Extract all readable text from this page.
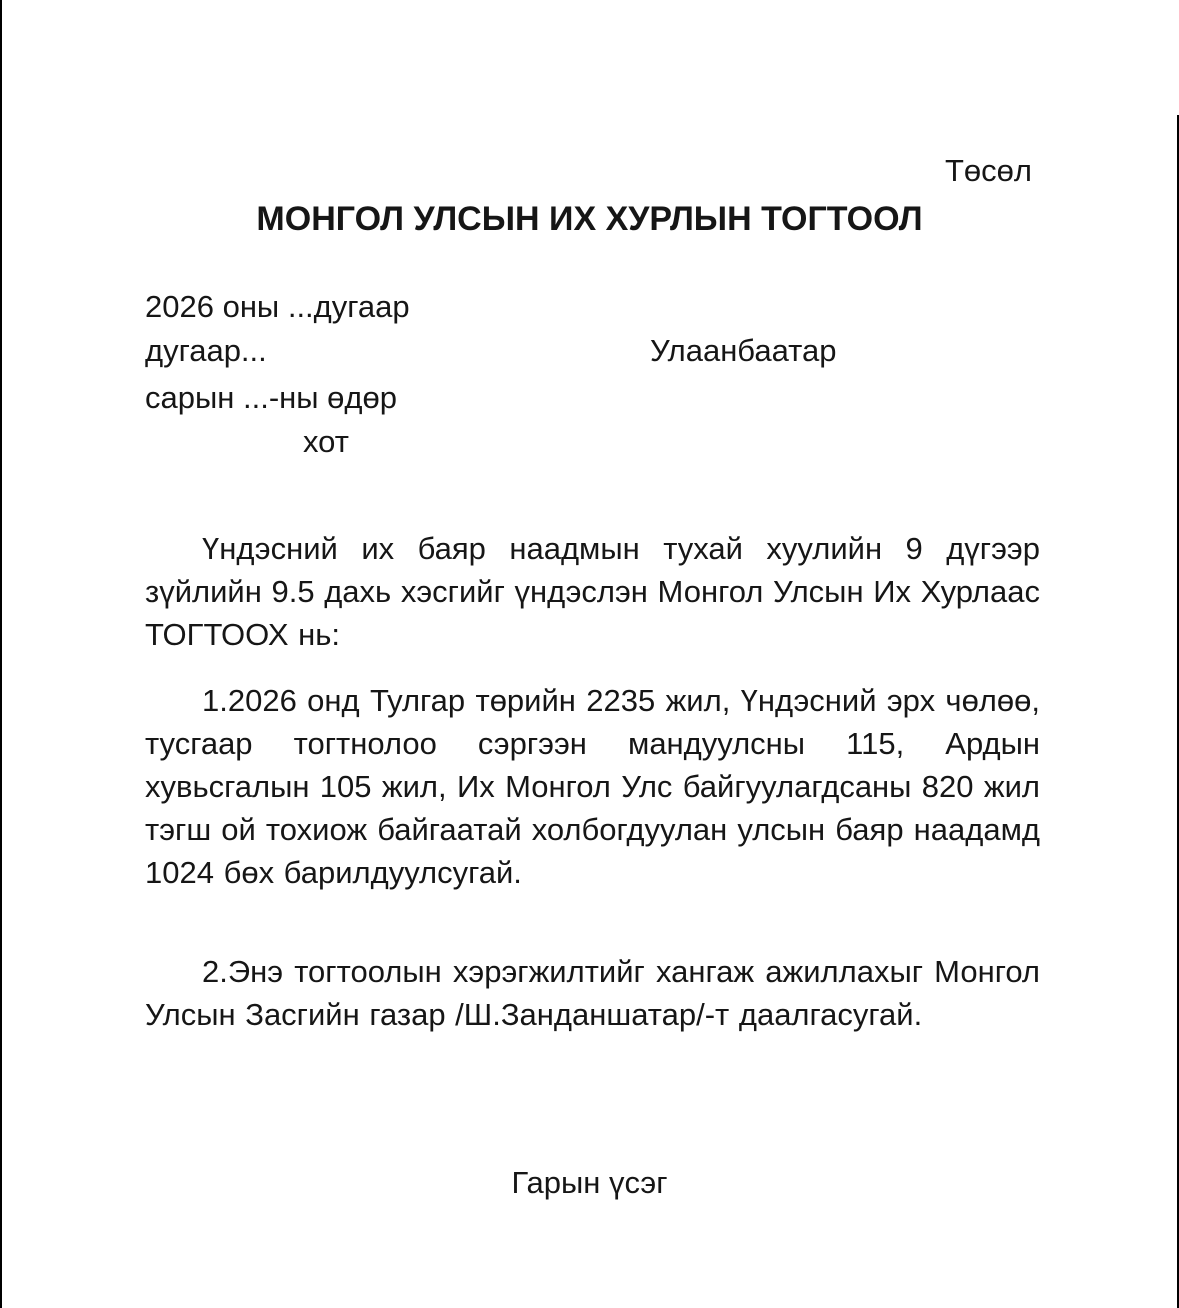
Төсөл
МОНГОЛ УЛСЫН ИХ ХУРЛЫН ТОГТООЛ
2026 оны ...дугаар
дугаар...	Улаанбаатар
сарын ...-ны өдөр
хот

Үндэсний их баяр наадмын тухай хуулийн 9 дүгээр зүйлийн 9.5 дахь хэсгийг үндэслэн Монгол Улсын Их Хурлаас ТОГТООХ нь:

1.2026 онд Тулгар төрийн 2235 жил, Үндэсний эрх чөлөө, тусгаар тогтнолоо сэргээн мандуулсны 115, Ардын хувьсгалын 105 жил, Их Монгол Улс байгуулагдсаны 820 жил тэгш ой тохиож байгаатай холбогдуулан улсын баяр наадамд 1024 бөх барилдуулсугай.

2.Энэ тогтоолын хэрэгжилтийг хангаж ажиллахыг Монгол Улсын Засгийн газар /Ш.Занданшатар/-т даалгасугай.

Гарын үсэг
